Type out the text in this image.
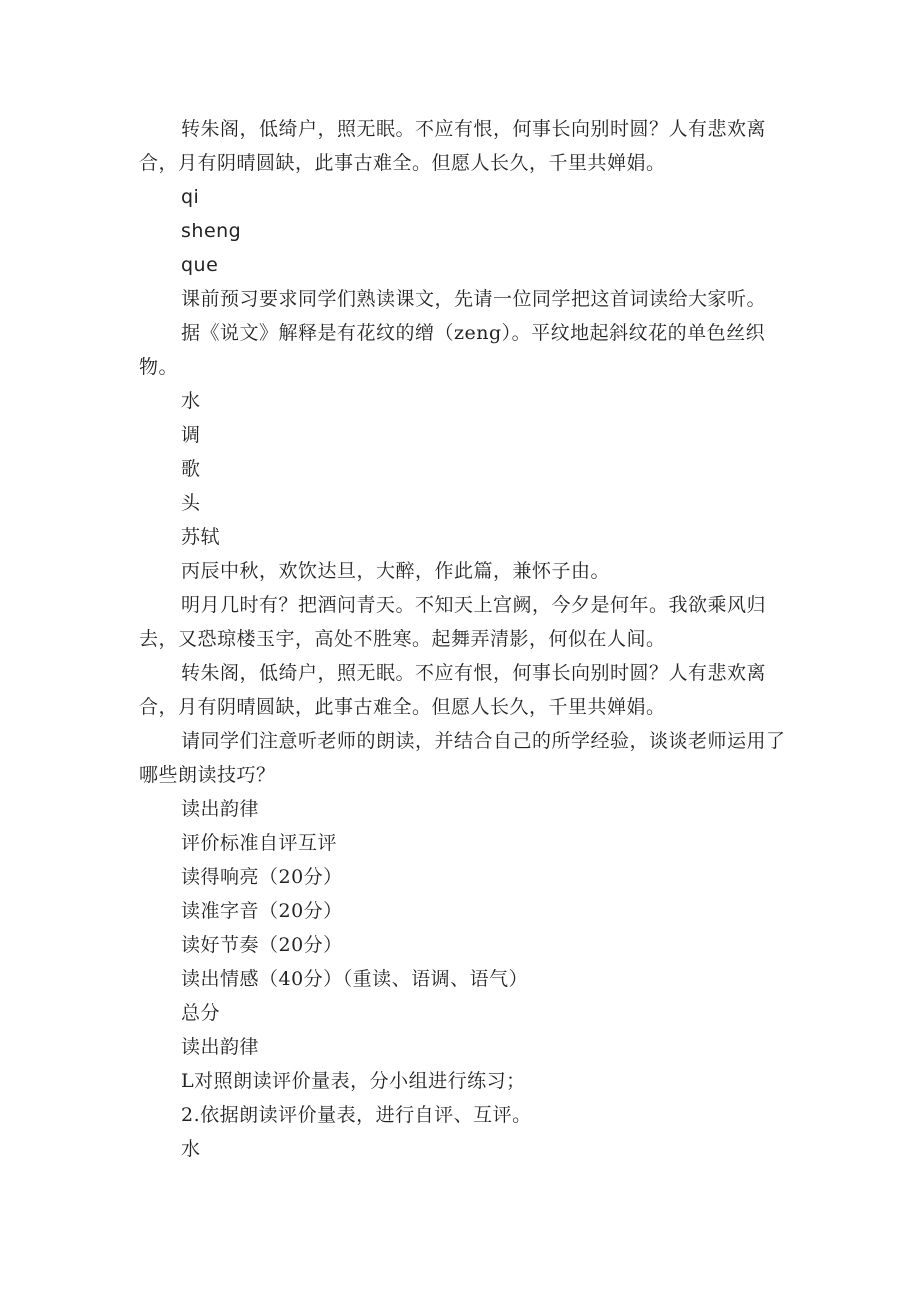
转朱阁，低绮户，照无眠。不应有恨，何事长向别时圆？人有悲欢离合，月有阴晴圆缺，此事古难全。但愿人长久，千里共婵娟。

qi

sheng

que

课前预习要求同学们熟读课文，先请一位同学把这首词读给大家听。

据《说文》解释是有花纹的缯（zeng）。平纹地起斜纹花的单色丝织物。

水

调

歌

头

苏轼

丙辰中秋，欢饮达旦，大醉，作此篇，兼怀子由。

明月几时有？把酒问青天。不知天上宫阙，今夕是何年。我欲乘风归去，又恐琼楼玉宇，高处不胜寒。起舞弄清影，何似在人间。

转朱阁，低绮户，照无眠。不应有恨，何事长向别时圆？人有悲欢离合，月有阴晴圆缺，此事古难全。但愿人长久，千里共婵娟。

请同学们注意听老师的朗读，并结合自己的所学经验，谈谈老师运用了哪些朗读技巧？

读出韵律

评价标准自评互评

读得响亮（20分）

读准字音（20分）

读好节奏（20分）

读出情感（40分）（重读、语调、语气）

总分

读出韵律

L对照朗读评价量表，分小组进行练习；

2.依据朗读评价量表，进行自评、互评。

水
